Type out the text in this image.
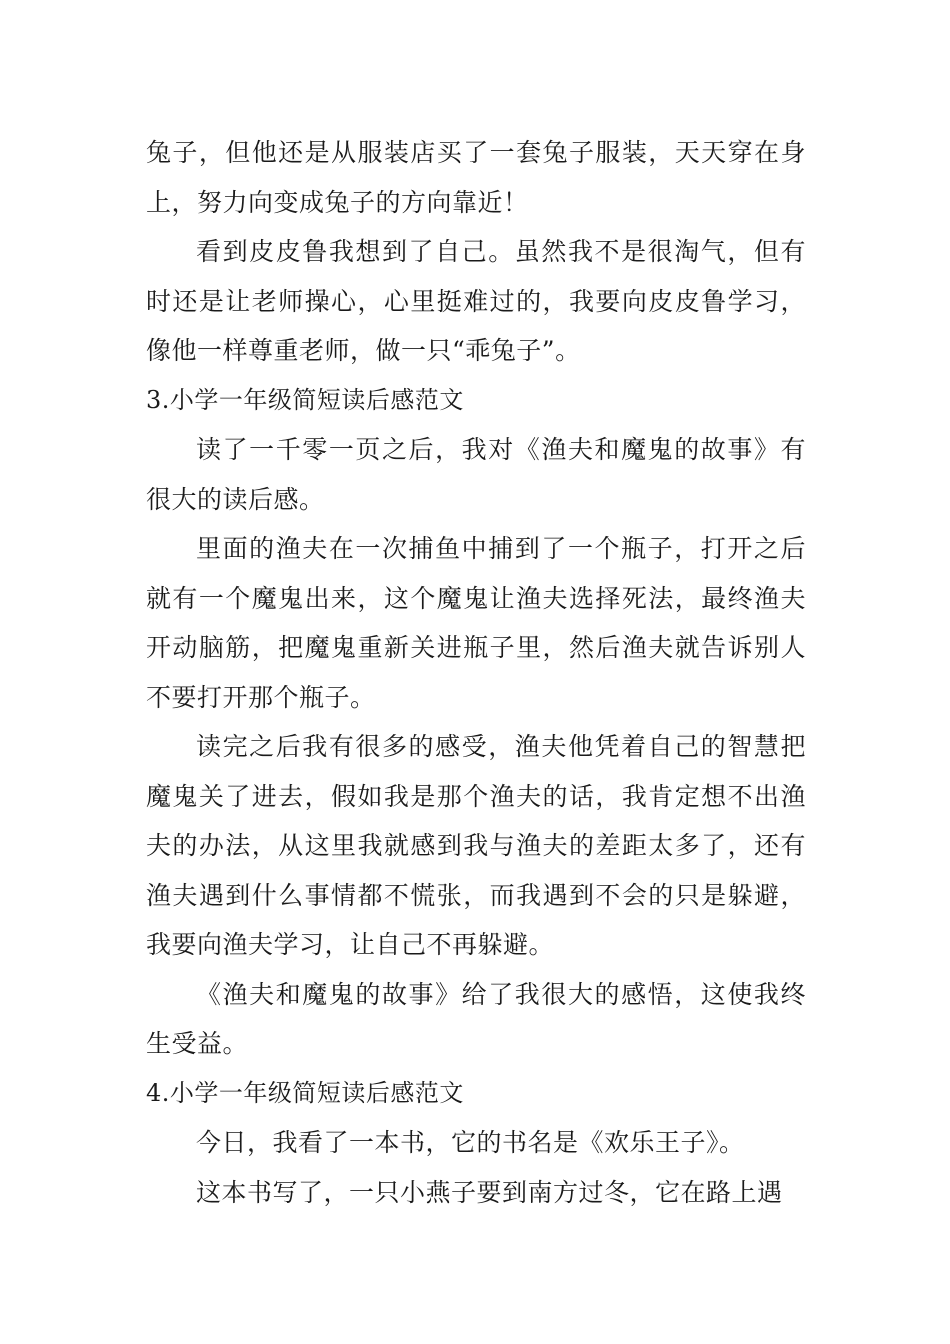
兔子，但他还是从服装店买了一套兔子服装，天天穿在身上，努力向变成兔子的方向靠近！

看到皮皮鲁我想到了自己。虽然我不是很淘气，但有时还是让老师操心，心里挺难过的，我要向皮皮鲁学习，像他一样尊重老师，做一只“乖兔子”。

3.小学一年级简短读后感范文

读了一千零一页之后，我对《渔夫和魔鬼的故事》有很大的读后感。

里面的渔夫在一次捕鱼中捕到了一个瓶子，打开之后就有一个魔鬼出来，这个魔鬼让渔夫选择死法，最终渔夫开动脑筋，把魔鬼重新关进瓶子里，然后渔夫就告诉别人不要打开那个瓶子。

读完之后我有很多的感受，渔夫他凭着自己的智慧把魔鬼关了进去，假如我是那个渔夫的话，我肯定想不出渔夫的办法，从这里我就感到我与渔夫的差距太多了，还有渔夫遇到什么事情都不慌张，而我遇到不会的只是躲避，我要向渔夫学习，让自己不再躲避。

《渔夫和魔鬼的故事》给了我很大的感悟，这使我终生受益。

4.小学一年级简短读后感范文

今日，我看了一本书，它的书名是《欢乐王子》。

这本书写了，一只小燕子要到南方过冬，它在路上遇
